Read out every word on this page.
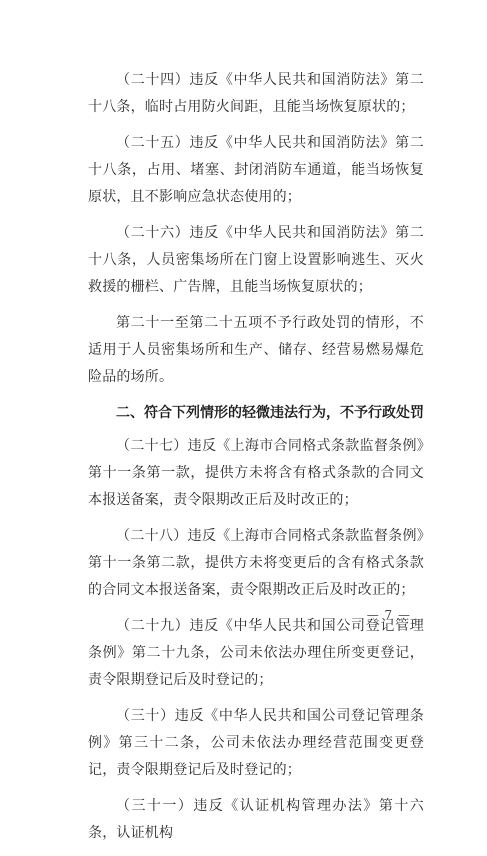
（二十四）违反《中华人民共和国消防法》第二十八条，临时占用防火间距，且能当场恢复原状的；

（二十五）违反《中华人民共和国消防法》第二十八条，占用、堵塞、封闭消防车通道，能当场恢复原状，且不影响应急状态使用的；

（二十六）违反《中华人民共和国消防法》第二十八条，人员密集场所在门窗上设置影响逃生、灭火救援的栅栏、广告牌，且能当场恢复原状的；

第二十一至第二十五项不予行政处罚的情形，不适用于人员密集场所和生产、储存、经营易燃易爆危险品的场所。

二、符合下列情形的轻微违法行为，不予行政处罚

（二十七）违反《上海市合同格式条款监督条例》第十一条第一款，提供方未将含有格式条款的合同文本报送备案，责令限期改正后及时改正的；

（二十八）违反《上海市合同格式条款监督条例》第十一条第二款，提供方未将变更后的含有格式条款的合同文本报送备案，责令限期改正后及时改正的；

（二十九）违反《中华人民共和国公司登记管理条例》第二十九条，公司未依法办理住所变更登记，责令限期登记后及时登记的；

（三十）违反《中华人民共和国公司登记管理条例》第三十二条，公司未依法办理经营范围变更登记，责令限期登记后及时登记的；

（三十一）违反《认证机构管理办法》第十六条，认证机构

— 7 —
